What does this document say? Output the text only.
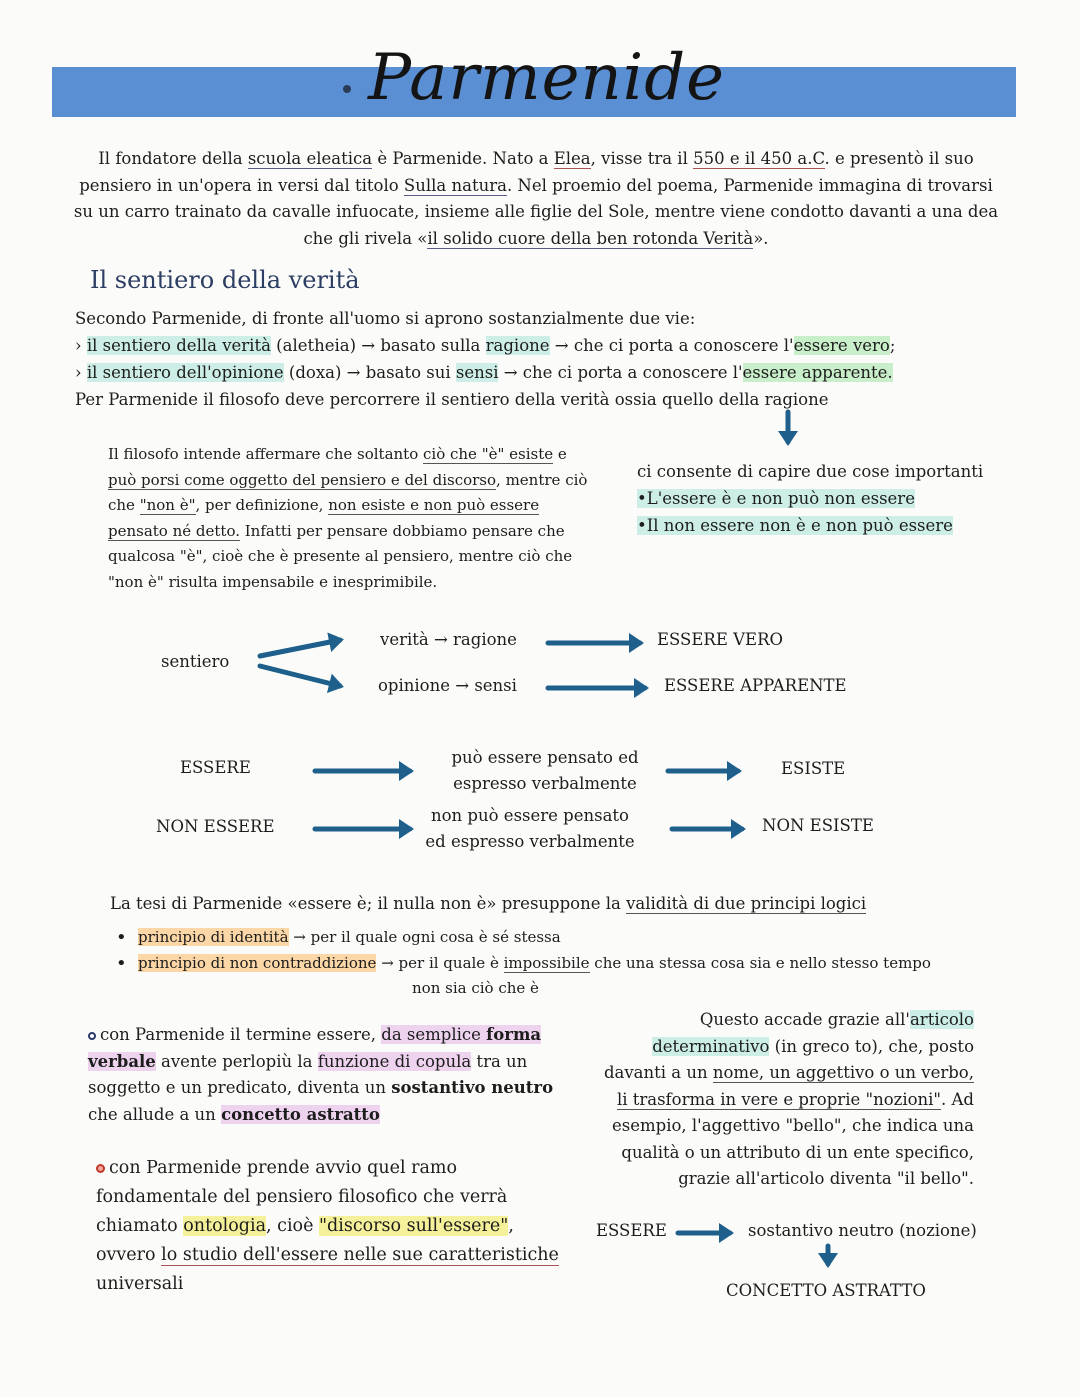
Parmenide
Il fondatore della scuola eleatica è Parmenide. Nato a Elea, visse tra il 550 e il 450 a.C. e presentò il suo pensiero in un'opera in versi dal titolo Sulla natura. Nel proemio del poema, Parmenide immagina di trovarsi su un carro trainato da cavalle infuocate, insieme alle figlie del Sole, mentre viene condotto davanti a una dea che gli rivela «il solido cuore della ben rotonda Verità».
Il sentiero della verità
Secondo Parmenide, di fronte all'uomo si aprono sostanzialmente due vie:
› il sentiero della verità (aletheia) → basato sulla ragione → che ci porta a conoscere l'essere vero;
› il sentiero dell'opinione (doxa) → basato sui sensi → che ci porta a conoscere l'essere apparente.
Per Parmenide il filosofo deve percorrere il sentiero della verità ossia quello della ragione
Il filosofo intende affermare che soltanto ciò che "è" esiste e può porsi come oggetto del pensiero e del discorso, mentre ciò che "non è", per definizione, non esiste e non può essere pensato né detto. Infatti per pensare dobbiamo pensare che qualcosa "è", cioè che è presente al pensiero, mentre ciò che "non è" risulta impensabile e inesprimibile.
ci consente di capire due cose importanti
•L'essere è e non può non essere
•Il non essere non è e non può essere
sentiero
verità → ragione
opinione → sensi
ESSERE VERO
ESSERE APPARENTE
ESSERE
può essere pensato ed
espresso verbalmente
ESISTE
NON ESSERE
non può essere pensato
ed espresso verbalmente
NON ESISTE
La tesi di Parmenide «essere è; il nulla non è» presuppone la validità di due principi logici
• principio di identità → per il quale ogni cosa è sé stessa
• principio di non contraddizione → per il quale è impossibile che una stessa cosa sia e nello stesso tempo
non sia ciò che è
con Parmenide il termine essere, da semplice forma verbale avente perlopiù la funzione di copula tra un soggetto e un predicato, diventa un sostantivo neutro che allude a un concetto astratto
con Parmenide prende avvio quel ramo fondamentale del pensiero filosofico che verrà chiamato ontologia, cioè "discorso sull'essere", ovvero lo studio dell'essere nelle sue caratteristiche universali
Questo accade grazie all'articolo determinativo (in greco to), che, posto davanti a un nome, un aggettivo o un verbo, li trasforma in vere e proprie "nozioni". Ad esempio, l'aggettivo "bello", che indica una qualità o un attributo di un ente specifico, grazie all'articolo diventa "il bello".
ESSERE	sostantivo neutro (nozione)
CONCETTO ASTRATTO
